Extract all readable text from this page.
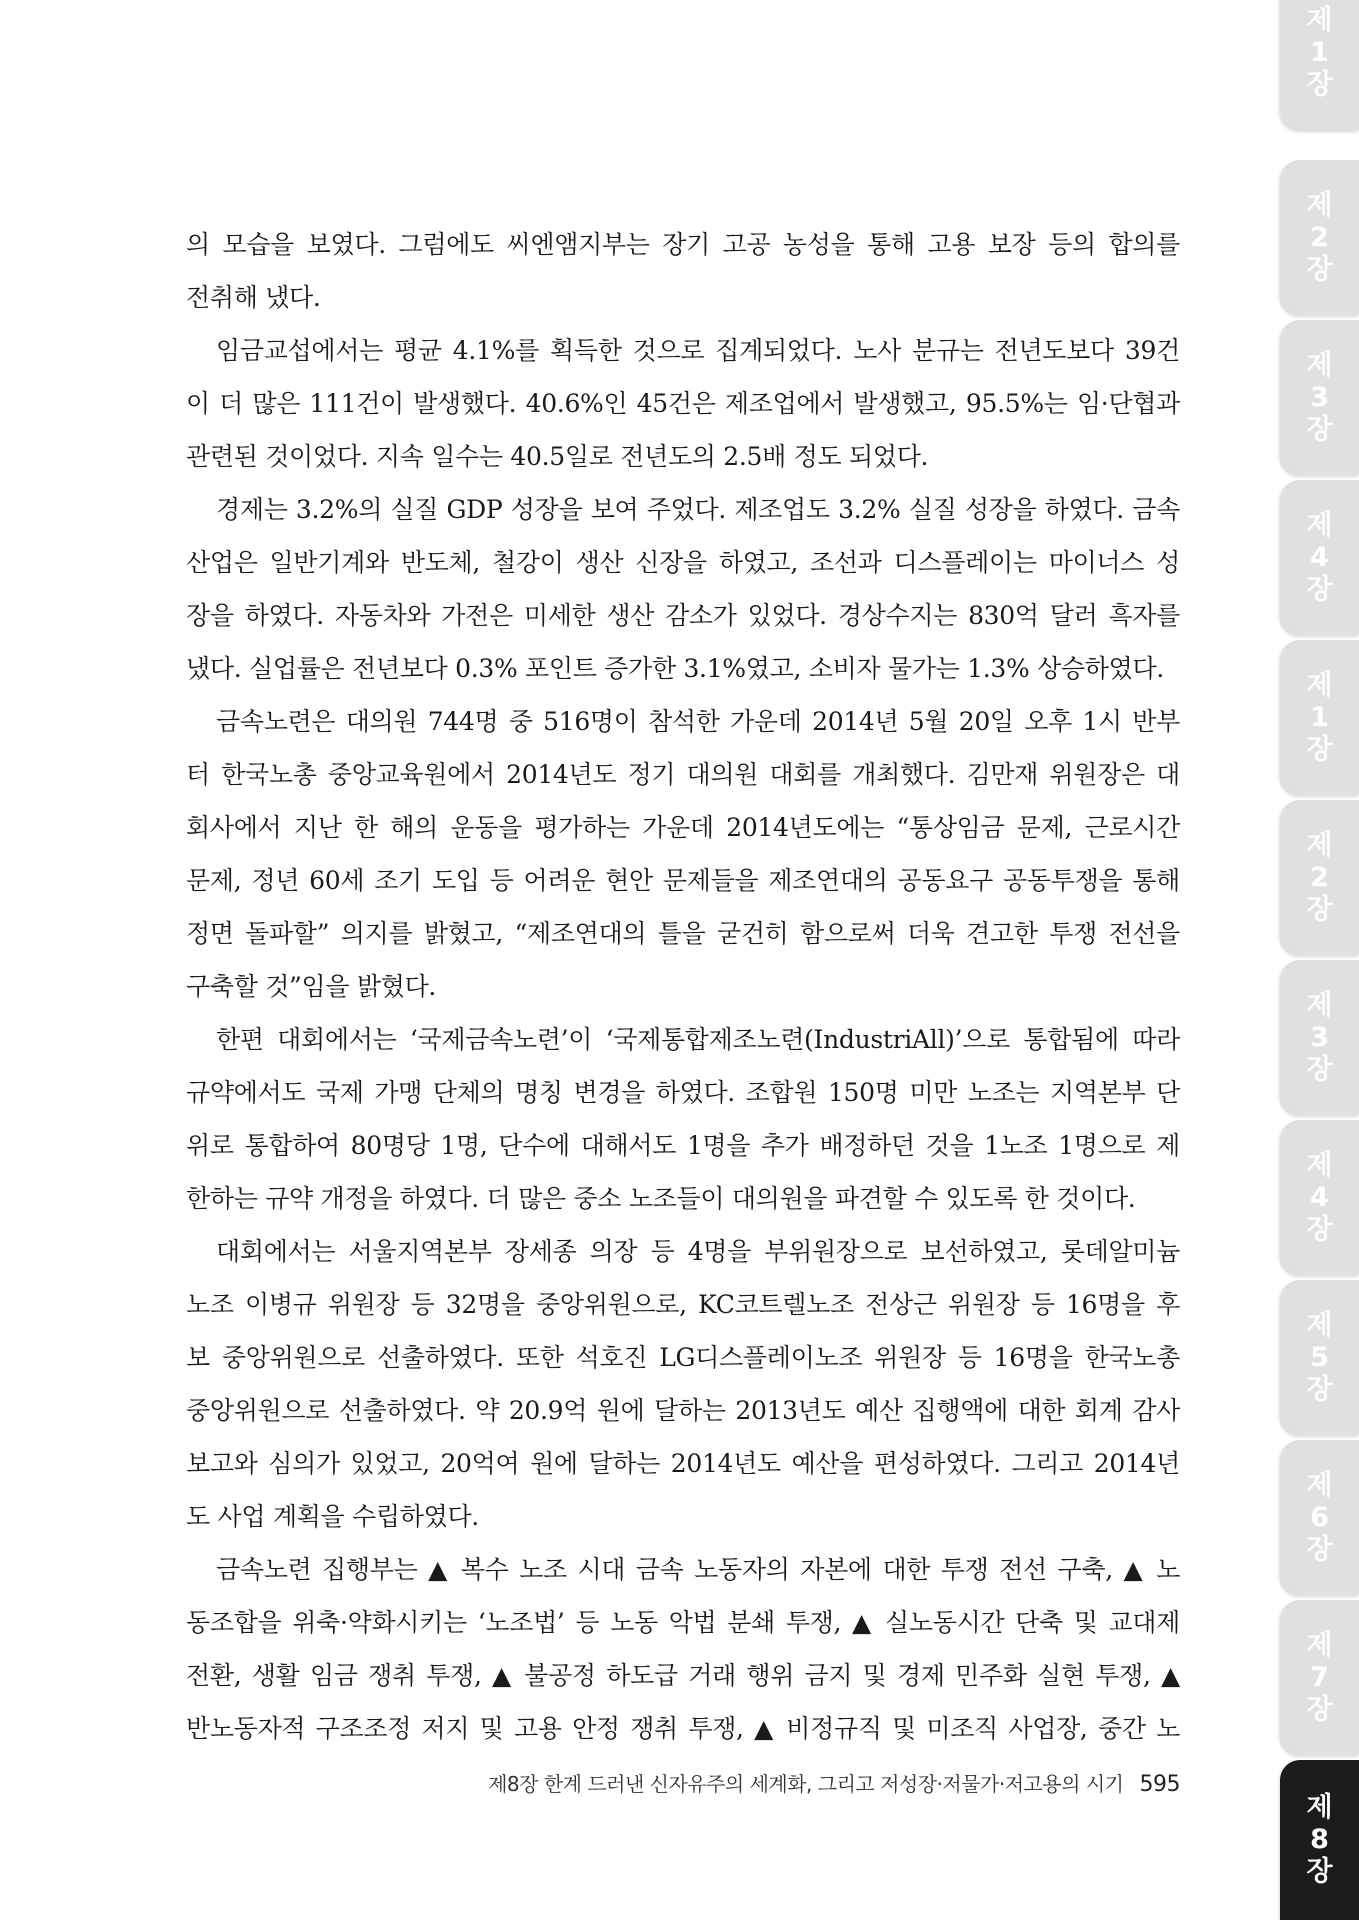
의 모습을 보였다. 그럼에도 씨엔앰지부는 장기 고공 농성을 통해 고용 보장 등의 합의를
전취해 냈다.
임금교섭에서는 평균 4.1%를 획득한 것으로 집계되었다. 노사 분규는 전년도보다 39건
이 더 많은 111건이 발생했다. 40.6%인 45건은 제조업에서 발생했고, 95.5%는 임·단협과
관련된 것이었다. 지속 일수는 40.5일로 전년도의 2.5배 정도 되었다.
경제는 3.2%의 실질 GDP 성장을 보여 주었다. 제조업도 3.2% 실질 성장을 하였다. 금속
산업은 일반기계와 반도체, 철강이 생산 신장을 하였고, 조선과 디스플레이는 마이너스 성
장을 하였다. 자동차와 가전은 미세한 생산 감소가 있었다. 경상수지는 830억 달러 흑자를
냈다. 실업률은 전년보다 0.3% 포인트 증가한 3.1%였고, 소비자 물가는 1.3% 상승하였다.
금속노련은 대의원 744명 중 516명이 참석한 가운데 2014년 5월 20일 오후 1시 반부
터 한국노총 중앙교육원에서 2014년도 정기 대의원 대회를 개최했다. 김만재 위원장은 대
회사에서 지난 한 해의 운동을 평가하는 가운데 2014년도에는 “통상임금 문제, 근로시간
문제, 정년 60세 조기 도입 등 어려운 현안 문제들을 제조연대의 공동요구 공동투쟁을 통해
정면 돌파할” 의지를 밝혔고, “제조연대의 틀을 굳건히 함으로써 더욱 견고한 투쟁 전선을
구축할 것”임을 밝혔다.
한편 대회에서는 ‘국제금속노련’이 ‘국제통합제조노련(IndustriAll)’으로 통합됨에 따라
규약에서도 국제 가맹 단체의 명칭 변경을 하였다. 조합원 150명 미만 노조는 지역본부 단
위로 통합하여 80명당 1명, 단수에 대해서도 1명을 추가 배정하던 것을 1노조 1명으로 제
한하는 규약 개정을 하였다. 더 많은 중소 노조들이 대의원을 파견할 수 있도록 한 것이다.
대회에서는 서울지역본부 장세종 의장 등 4명을 부위원장으로 보선하였고, 롯데알미늄
노조 이병규 위원장 등 32명을 중앙위원으로, KC코트렐노조 전상근 위원장 등 16명을 후
보 중앙위원으로 선출하였다. 또한 석호진 LG디스플레이노조 위원장 등 16명을 한국노총
중앙위원으로 선출하였다. 약 20.9억 원에 달하는 2013년도 예산 집행액에 대한 회계 감사
보고와 심의가 있었고, 20억여 원에 달하는 2014년도 예산을 편성하였다. 그리고 2014년
도 사업 계획을 수립하였다.
금속노련 집행부는 ▲ 복수 노조 시대 금속 노동자의 자본에 대한 투쟁 전선 구축, ▲ 노
동조합을 위축·약화시키는 ‘노조법’ 등 노동 악법 분쇄 투쟁, ▲ 실노동시간 단축 및 교대제
전환, 생활 임금 쟁취 투쟁, ▲ 불공정 하도급 거래 행위 금지 및 경제 민주화 실현 투쟁, ▲
반노동자적 구조조정 저지 및 고용 안정 쟁취 투쟁, ▲ 비정규직 및 미조직 사업장, 중간 노
제8장 한계 드러낸 신자유주의 세계화, 그리고 저성장·저물가·저고용의 시기 595
제
1
장
제
2
장
제
3
장
제
4
장
제
1
장
제
2
장
제
3
장
제
4
장
제
5
장
제
6
장
제
7
장
제
8
장
